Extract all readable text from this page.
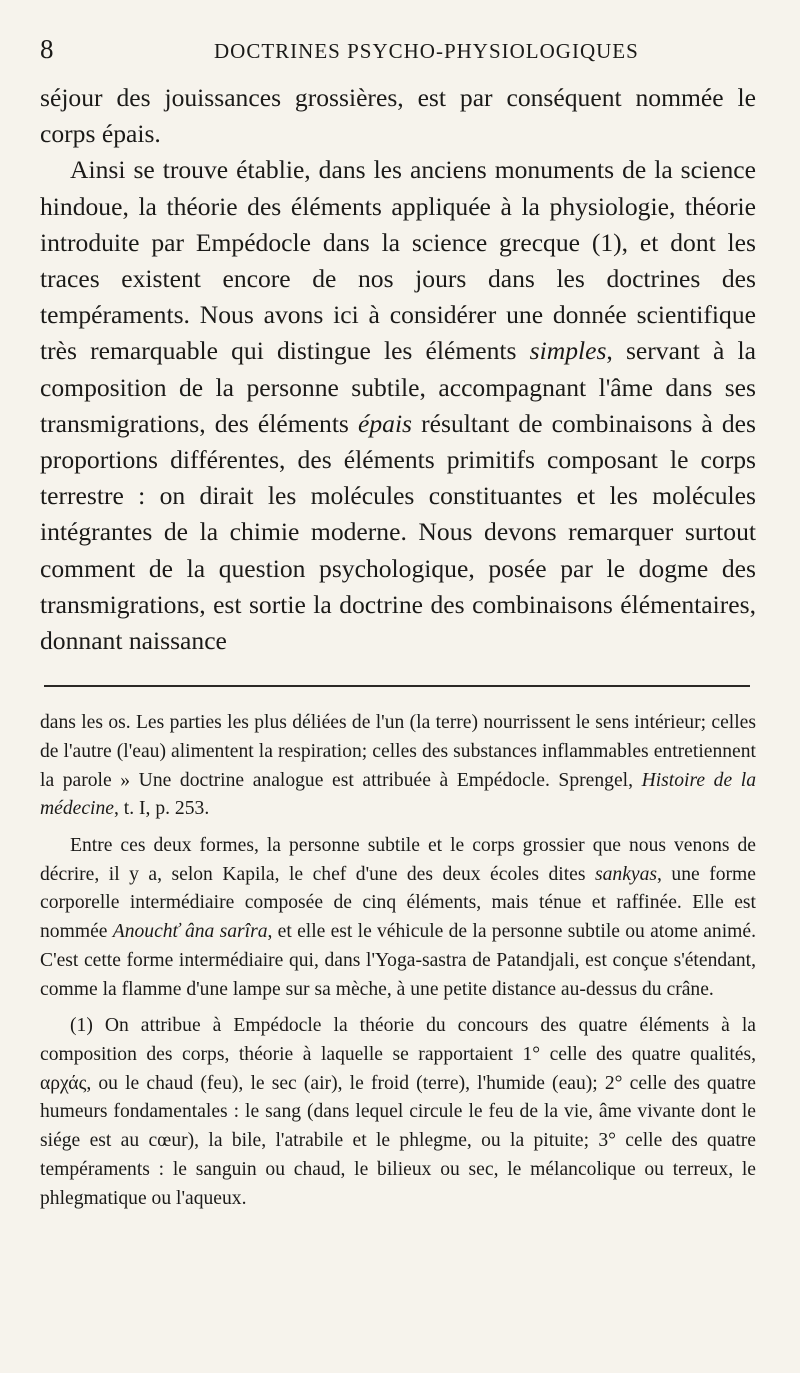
8	DOCTRINES PSYCHO-PHYSIOLOGIQUES

séjour des jouissances grossières, est par conséquent nommée le corps épais.

Ainsi se trouve établie, dans les anciens monuments de la science hindoue, la théorie des éléments appliquée à la physiologie, théorie introduite par Empédocle dans la science grecque (1), et dont les traces existent encore de nos jours dans les doctrines des tempéraments. Nous avons ici à considérer une donnée scientifique très remarquable qui distingue les éléments simples, servant à la composition de la personne subtile, accompagnant l'âme dans ses transmigrations, des éléments épais résultant de combinaisons à des proportions différentes, des éléments primitifs composant le corps terrestre : on dirait les molécules constituantes et les molécules intégrantes de la chimie moderne. Nous devons remarquer surtout comment de la question psychologique, posée par le dogme des transmigrations, est sortie la doctrine des combinaisons élémentaires, donnant naissance

dans les os. Les parties les plus déliées de l'un (la terre) nourrissent le sens intérieur; celles de l'autre (l'eau) alimentent la respiration; celles des substances inflammables entretiennent la parole » Une doctrine analogue est attribuée à Empédocle. Sprengel, Histoire de la médecine, t. I, p. 253.

Entre ces deux formes, la personne subtile et le corps grossier que nous venons de décrire, il y a, selon Kapila, le chef d'une des deux écoles dites sankyas, une forme corporelle intermédiaire composée de cinq éléments, mais ténue et raffinée. Elle est nommée Anouchť âna sarîra, et elle est le véhicule de la personne subtile ou atome animé. C'est cette forme intermédiaire qui, dans l'Yoga-sastra de Patandjali, est conçue s'étendant, comme la flamme d'une lampe sur sa mèche, à une petite distance au-dessus du crâne.

(1) On attribue à Empédocle la théorie du concours des quatre éléments à la composition des corps, théorie à laquelle se rapportaient 1° celle des quatre qualités, αρχάς, ou le chaud (feu), le sec (air), le froid (terre), l'humide (eau); 2° celle des quatre humeurs fondamentales : le sang (dans lequel circule le feu de la vie, âme vivante dont le siége est au cœur), la bile, l'atrabile et le phlegme, ou la pituite; 3° celle des quatre tempéraments : le sanguin ou chaud, le bilieux ou sec, le mélancolique ou terreux, le phlegmatique ou l'aqueux.
